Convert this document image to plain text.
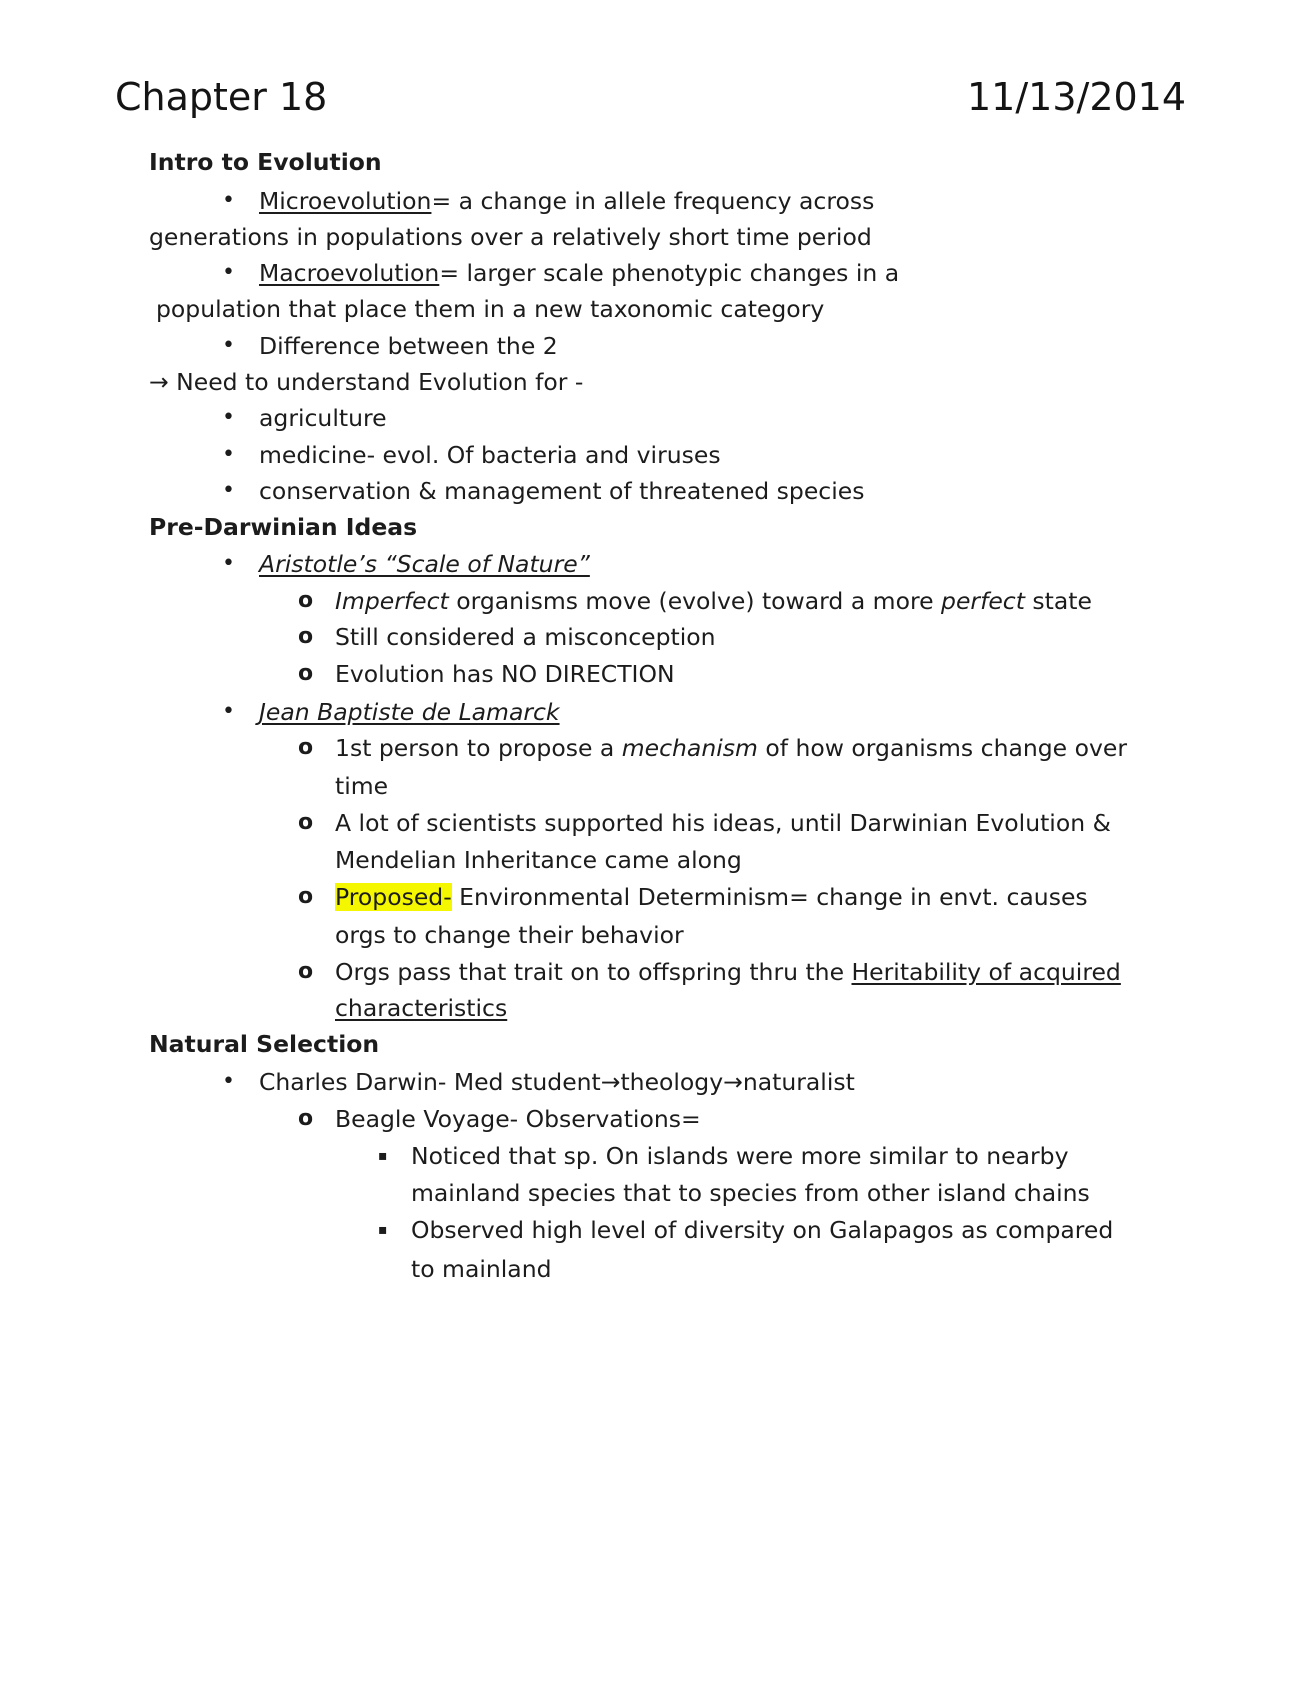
Chapter 18	11/13/2014
Intro to Evolution
• Microevolution= a change in allele frequency across
generations in populations over a relatively short time period
• Macroevolution= larger scale phenotypic changes in a
population that place them in a new taxonomic category
• Difference between the 2
→ Need to understand Evolution for -
• agriculture
• medicine- evol. Of bacteria and viruses
• conservation & management of threatened species
Pre-Darwinian Ideas
• Aristotle’s “Scale of Nature”
o Imperfect organisms move (evolve) toward a more perfect state
o Still considered a misconception
o Evolution has NO DIRECTION
• Jean Baptiste de Lamarck
o 1st person to propose a mechanism of how organisms change over
time
o A lot of scientists supported his ideas, until Darwinian Evolution &
Mendelian Inheritance came along
o Proposed- Environmental Determinism= change in envt. causes
orgs to change their behavior
o Orgs pass that trait on to offspring thru the Heritability of acquired
characteristics
Natural Selection
• Charles Darwin- Med student→theology→naturalist
o Beagle Voyage- Observations=
▪ Noticed that sp. On islands were more similar to nearby
mainland species that to species from other island chains
▪ Observed high level of diversity on Galapagos as compared
to mainland
